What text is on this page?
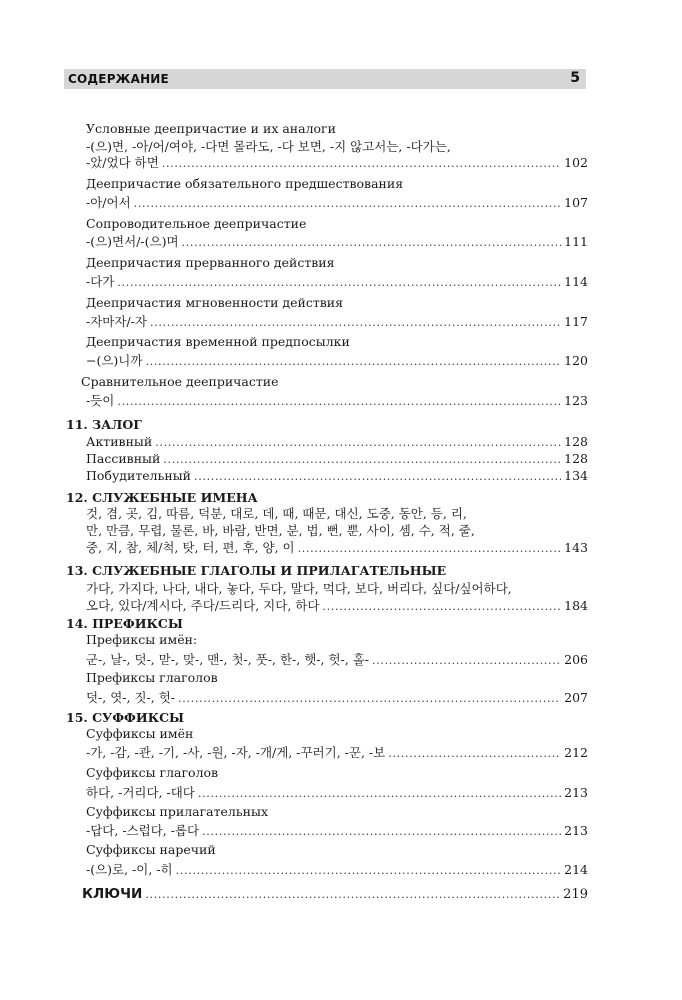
СОДЕРЖАНИЕ	5
Условные деепричастие и их аналоги
-(으)면, -아/어/여야, -다면 몰라도, -다 보면, -지 않고서는, -다가는,
-았/었다 하면 . . .	102
Деепричастие обязательного предшествования
-아/어서 . . .	107
Сопроводительное деепричастие
-(으)면서/-(으)며 . . .	111
Деепричастия прерванного действия
-다가 . . .	114
Деепричастия мгновенности действия
-자마자/-자 . . .	117
Деепричастия временной предпосылки
−(으)니까 . . .	120
Сравнительное деепричастие
-듯이 . . .	123
11. ЗАЛОГ
Активный . . .	128
Пассивный . . .	128
Побудительный . . .	134
12. СЛУЖЕБНЫЕ ИМЕНА
것, 겸, 곳, 김, 따름, 덕분, 대로, 데, 때, 때문, 대신, 도중, 동안, 등, 리,
만, 만큼, 무렵, 물론, 바, 바람, 반면, 분, 법, 뻔, 뿐, 사이, 셈, 수, 적, 줄,
중, 지, 참, 체/척, 탓, 터, 편, 후, 양, 이 . . .	143
13. СЛУЖЕБНЫЕ ГЛАГОЛЫ И ПРИЛАГАТЕЛЬНЫЕ
가다, 가지다, 나다, 내다, 놓다, 두다, 말다, 먹다, 보다, 버리다, 싶다/싶어하다,
오다, 있다/계시다, 주다/드리다, 지다, 하다 . . .	184
14. ПРЕФИКСЫ
Префиксы имён:
군-, 날-, 덧-, 맏-, 맞-, 맨-, 첫-, 풋-, 한-, 햇-, 헛-, 홀- . . .	206
Префиксы глаголов
덧-, 엿-, 짓-, 헛- . . .	207
15. СУФФИКСЫ
Суффиксы имён
-가, -감, -관, -기, -사, -원, -자, -개/게, -꾸러기, -꾼, -보 . . .	212
Суффиксы глаголов
하다, -거리다, -대다 . . .	213
Суффиксы прилагательных
-답다, -스럽다, -롭다 . . .	213
Суффиксы наречий
-(으)로, -이, -히 . . .	214
КЛЮЧИ . . .	219
